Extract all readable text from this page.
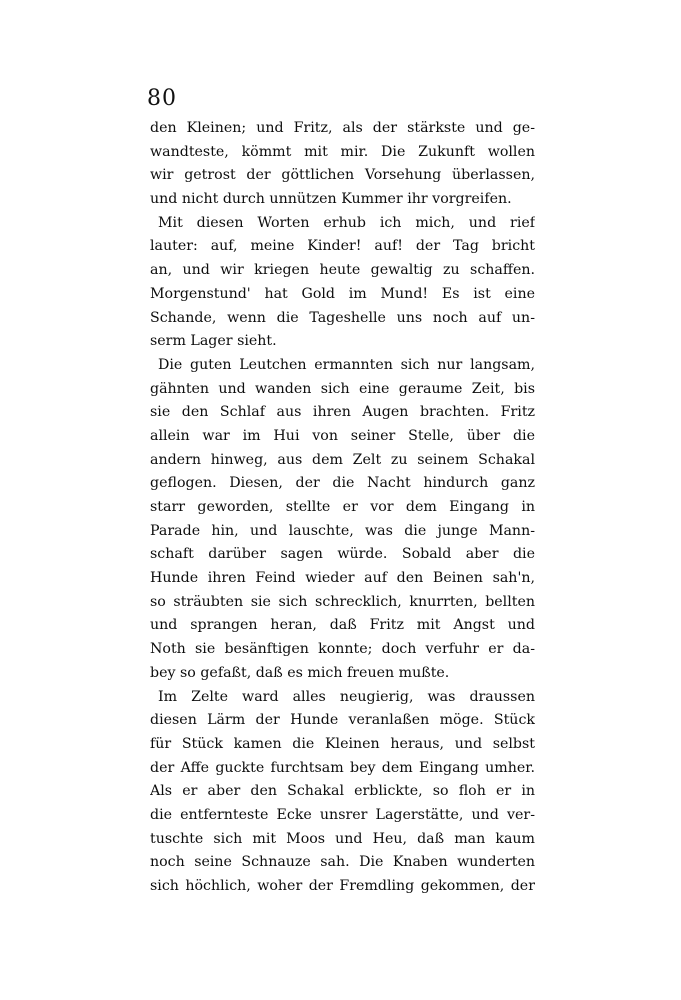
80
den Kleinen; und Fritz, als der stärkste und ge-
wandteste, kömmt mit mir. Die Zukunft wollen
wir getrost der göttlichen Vorsehung überlassen,
und nicht durch unnützen Kummer ihr vorgreifen.
Mit diesen Worten erhub ich mich, und rief
lauter: auf, meine Kinder! auf! der Tag bricht
an, und wir kriegen heute gewaltig zu schaffen.
Morgenstund' hat Gold im Mund! Es ist eine
Schande, wenn die Tageshelle uns noch auf un-
serm Lager sieht.
Die guten Leutchen ermannten sich nur langsam,
gähnten und wanden sich eine geraume Zeit, bis
sie den Schlaf aus ihren Augen brachten. Fritz
allein war im Hui von seiner Stelle, über die
andern hinweg, aus dem Zelt zu seinem Schakal
geflogen. Diesen, der die Nacht hindurch ganz
starr geworden, stellte er vor dem Eingang in
Parade hin, und lauschte, was die junge Mann-
schaft darüber sagen würde. Sobald aber die
Hunde ihren Feind wieder auf den Beinen sah'n,
so sträubten sie sich schrecklich, knurrten, bellten
und sprangen heran, daß Fritz mit Angst und
Noth sie besänftigen konnte; doch verfuhr er da-
bey so gefaßt, daß es mich freuen mußte.
Im Zelte ward alles neugierig, was draussen
diesen Lärm der Hunde veranlaßen möge. Stück
für Stück kamen die Kleinen heraus, und selbst
der Affe guckte furchtsam bey dem Eingang umher.
Als er aber den Schakal erblickte, so floh er in
die entfernteste Ecke unsrer Lagerstätte, und ver-
tuschte sich mit Moos und Heu, daß man kaum
noch seine Schnauze sah. Die Knaben wunderten
sich höchlich, woher der Fremdling gekommen, der
